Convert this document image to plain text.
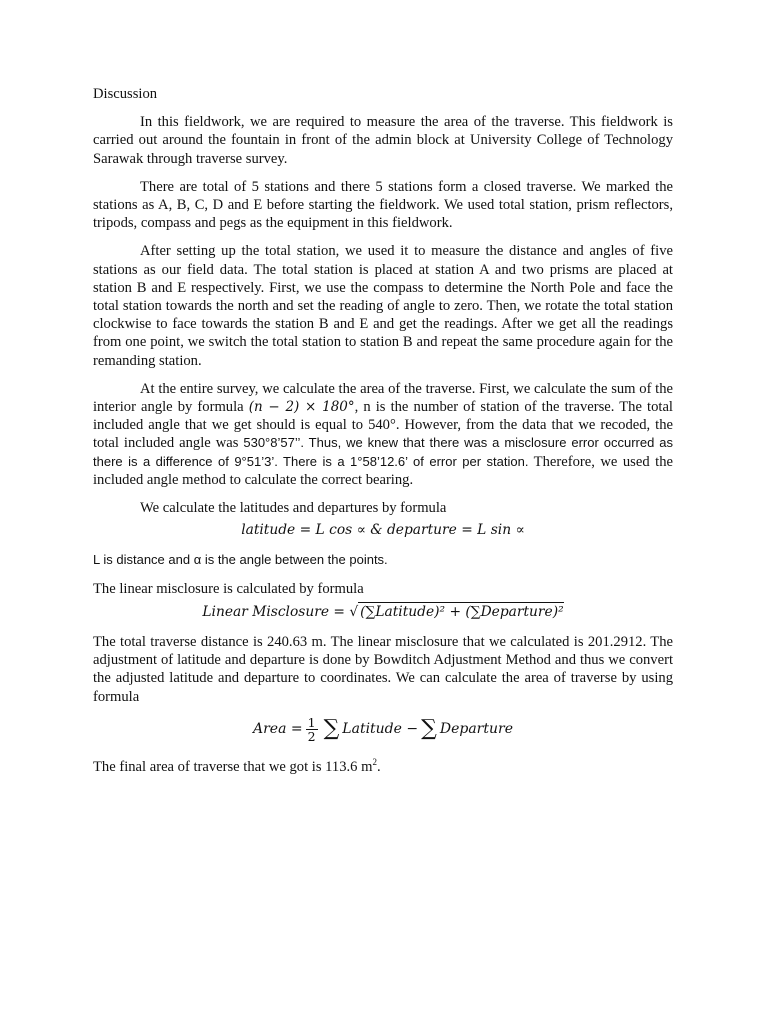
Discussion

In this fieldwork, we are required to measure the area of the traverse. This fieldwork is carried out around the fountain in front of the admin block at University College of Technology Sarawak through traverse survey.

There are total of 5 stations and there 5 stations form a closed traverse. We marked the stations as A, B, C, D and E before starting the fieldwork. We used total station, prism reflectors, tripods, compass and pegs as the equipment in this fieldwork.

After setting up the total station, we used it to measure the distance and angles of five stations as our field data. The total station is placed at station A and two prisms are placed at station B and E respectively. First, we use the compass to determine the North Pole and face the total station towards the north and set the reading of angle to zero. Then, we rotate the total station clockwise to face towards the station B and E and get the readings. After we get all the readings from one point, we switch the total station to station B and repeat the same procedure again for the remanding station.

At the entire survey, we calculate the area of the traverse. First, we calculate the sum of the interior angle by formula (n − 2) × 180°, n is the number of station of the traverse. The total included angle that we get should is equal to 540°. However, from the data that we recoded, the total included angle was 530°8’57’’. Thus, we knew that there was a misclosure error occurred as there is a difference of 9°51’3’. There is a 1°58’12.6’ of error per station. Therefore, we used the included angle method to calculate the correct bearing.

We calculate the latitudes and departures by formula

latitude = L cos ∝ & departure = L sin ∝

L is distance and α is the angle between the points.

The linear misclosure is calculated by formula

Linear Misclosure = √ (∑Latitude)² + (∑Departure)²

The total traverse distance is 240.63 m. The linear misclosure that we calculated is 201.2912. The adjustment of latitude and departure is done by Bowditch Adjustment Method and thus we convert the adjusted latitude and departure to coordinates. We can calculate the area of traverse by using formula

Area = $\frac{1}{2}$ ∑ Latitude − ∑ Departure

The final area of traverse that we got is 113.6 $m^2$.
